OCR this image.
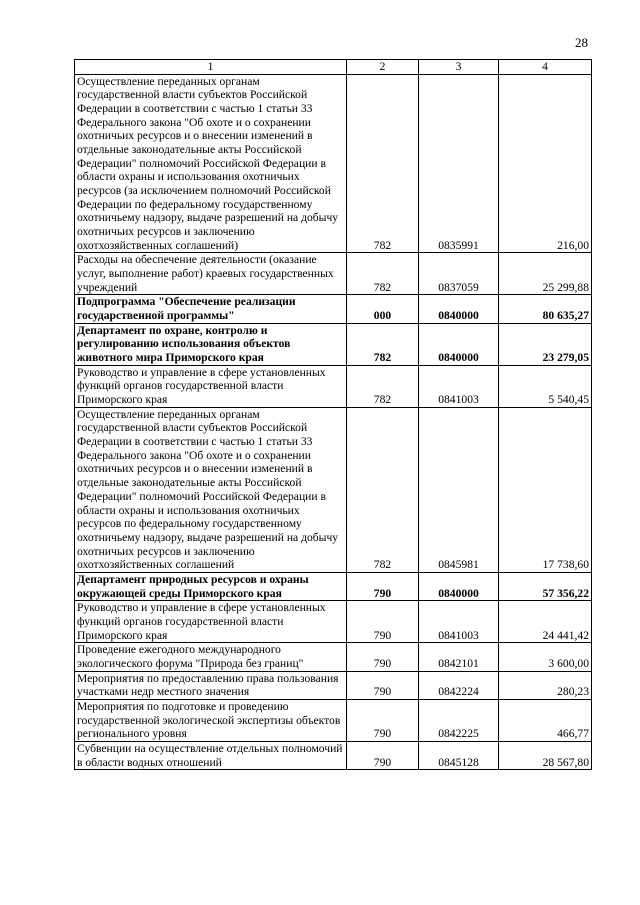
28
1	2	3	4
Осуществление переданных органам государственной власти субъектов Российской Федерации в соответствии с частью 1 статьи 33 Федерального закона "Об охоте и о сохранении охотничьих ресурсов и о внесении изменений в отдельные законодательные акты Российской Федерации" полномочий Российской Федерации в области охраны и использования охотничьих ресурсов (за исключением полномочий Российской Федерации по федеральному государственному охотничьему надзору, выдаче разрешений на добычу охотничьих ресурсов и заключению охотхозяйственных соглашений)	782	0835991	216,00
Расходы на обеспечение деятельности (оказание услуг, выполнение работ) краевых государственных учреждений	782	0837059	25 299,88
Подпрограмма "Обеспечение реализации государственной программы"	000	0840000	80 635,27
Департамент по охране, контролю и регулированию использования объектов животного мира Приморского края	782	0840000	23 279,05
Руководство и управление в сфере установленных функций органов государственной власти Приморского края	782	0841003	5 540,45
Осуществление переданных органам государственной власти субъектов Российской Федерации в соответствии с частью 1 статьи 33 Федерального закона "Об охоте и о сохранении охотничьих ресурсов и о внесении изменений в отдельные законодательные акты Российской Федерации" полномочий Российской Федерации в области охраны и использования охотничьих ресурсов по федеральному государственному охотничьему надзору, выдаче разрешений на добычу охотничьих ресурсов и заключению охотхозяйственных соглашений	782	0845981	17 738,60
Департамент природных ресурсов и охраны окружающей среды Приморского края	790	0840000	57 356,22
Руководство и управление в сфере установленных функций органов государственной власти Приморского края	790	0841003	24 441,42
Проведение ежегодного международного экологического форума "Природа без границ"	790	0842101	3 600,00
Мероприятия по предоставлению права пользования участками недр местного значения	790	0842224	280,23
Мероприятия по подготовке и проведению государственной экологической экспертизы объектов регионального уровня	790	0842225	466,77
Субвенции на осуществление отдельных полномочий в области водных отношений	790	0845128	28 567,80
